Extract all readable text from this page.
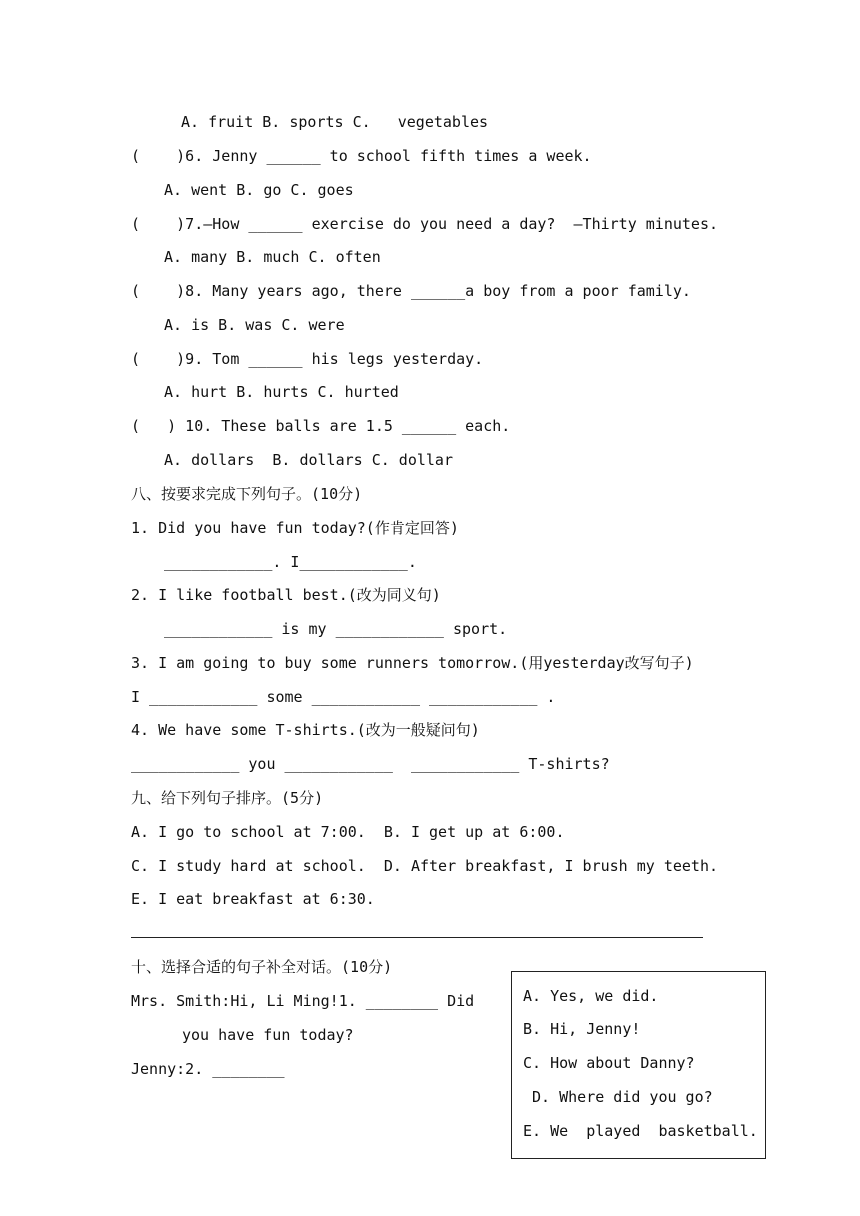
A. fruit B. sports C.   vegetables
(    )6. Jenny ______ to school fifth times a week.
A. went B. go C. goes
(    )7.—How ______ exercise do you need a day?  —Thirty minutes.
A. many B. much C. often
(    )8. Many years ago, there ______a boy from a poor family.
A. is B. was C. were
(    )9. Tom ______ his legs yesterday.
A. hurt B. hurts C. hurted
(   ) 10. These balls are 1.5 ______ each.
A. dollars  B. dollars C. dollar
八、按要求完成下列句子。(10分)
1. Did you have fun today?(作肯定回答)
____________. I____________.
2. I like football best.(改为同义句)
____________ is my ____________ sport.
3. I am going to buy some runners tomorrow.(用yesterday改写句子)
I ____________ some ____________ ____________ .
4. We have some T-shirts.(改为一般疑问句)
____________ you ____________  ____________ T-shirts?
九、给下列句子排序。(5分)
A. I go to school at 7:00.  B. I get up at 6:00.
C. I study hard at school.  D. After breakfast, I brush my teeth.
E. I eat breakfast at 6:30.
十、选择合适的句子补全对话。(10分)
Mrs. Smith:Hi, Li Ming!1. ________ Did
you have fun today?
Jenny:2. ________
A. Yes, we did.
B. Hi, Jenny!
C. How about Danny?
D. Where did you go?
E. We  played  basketball.
